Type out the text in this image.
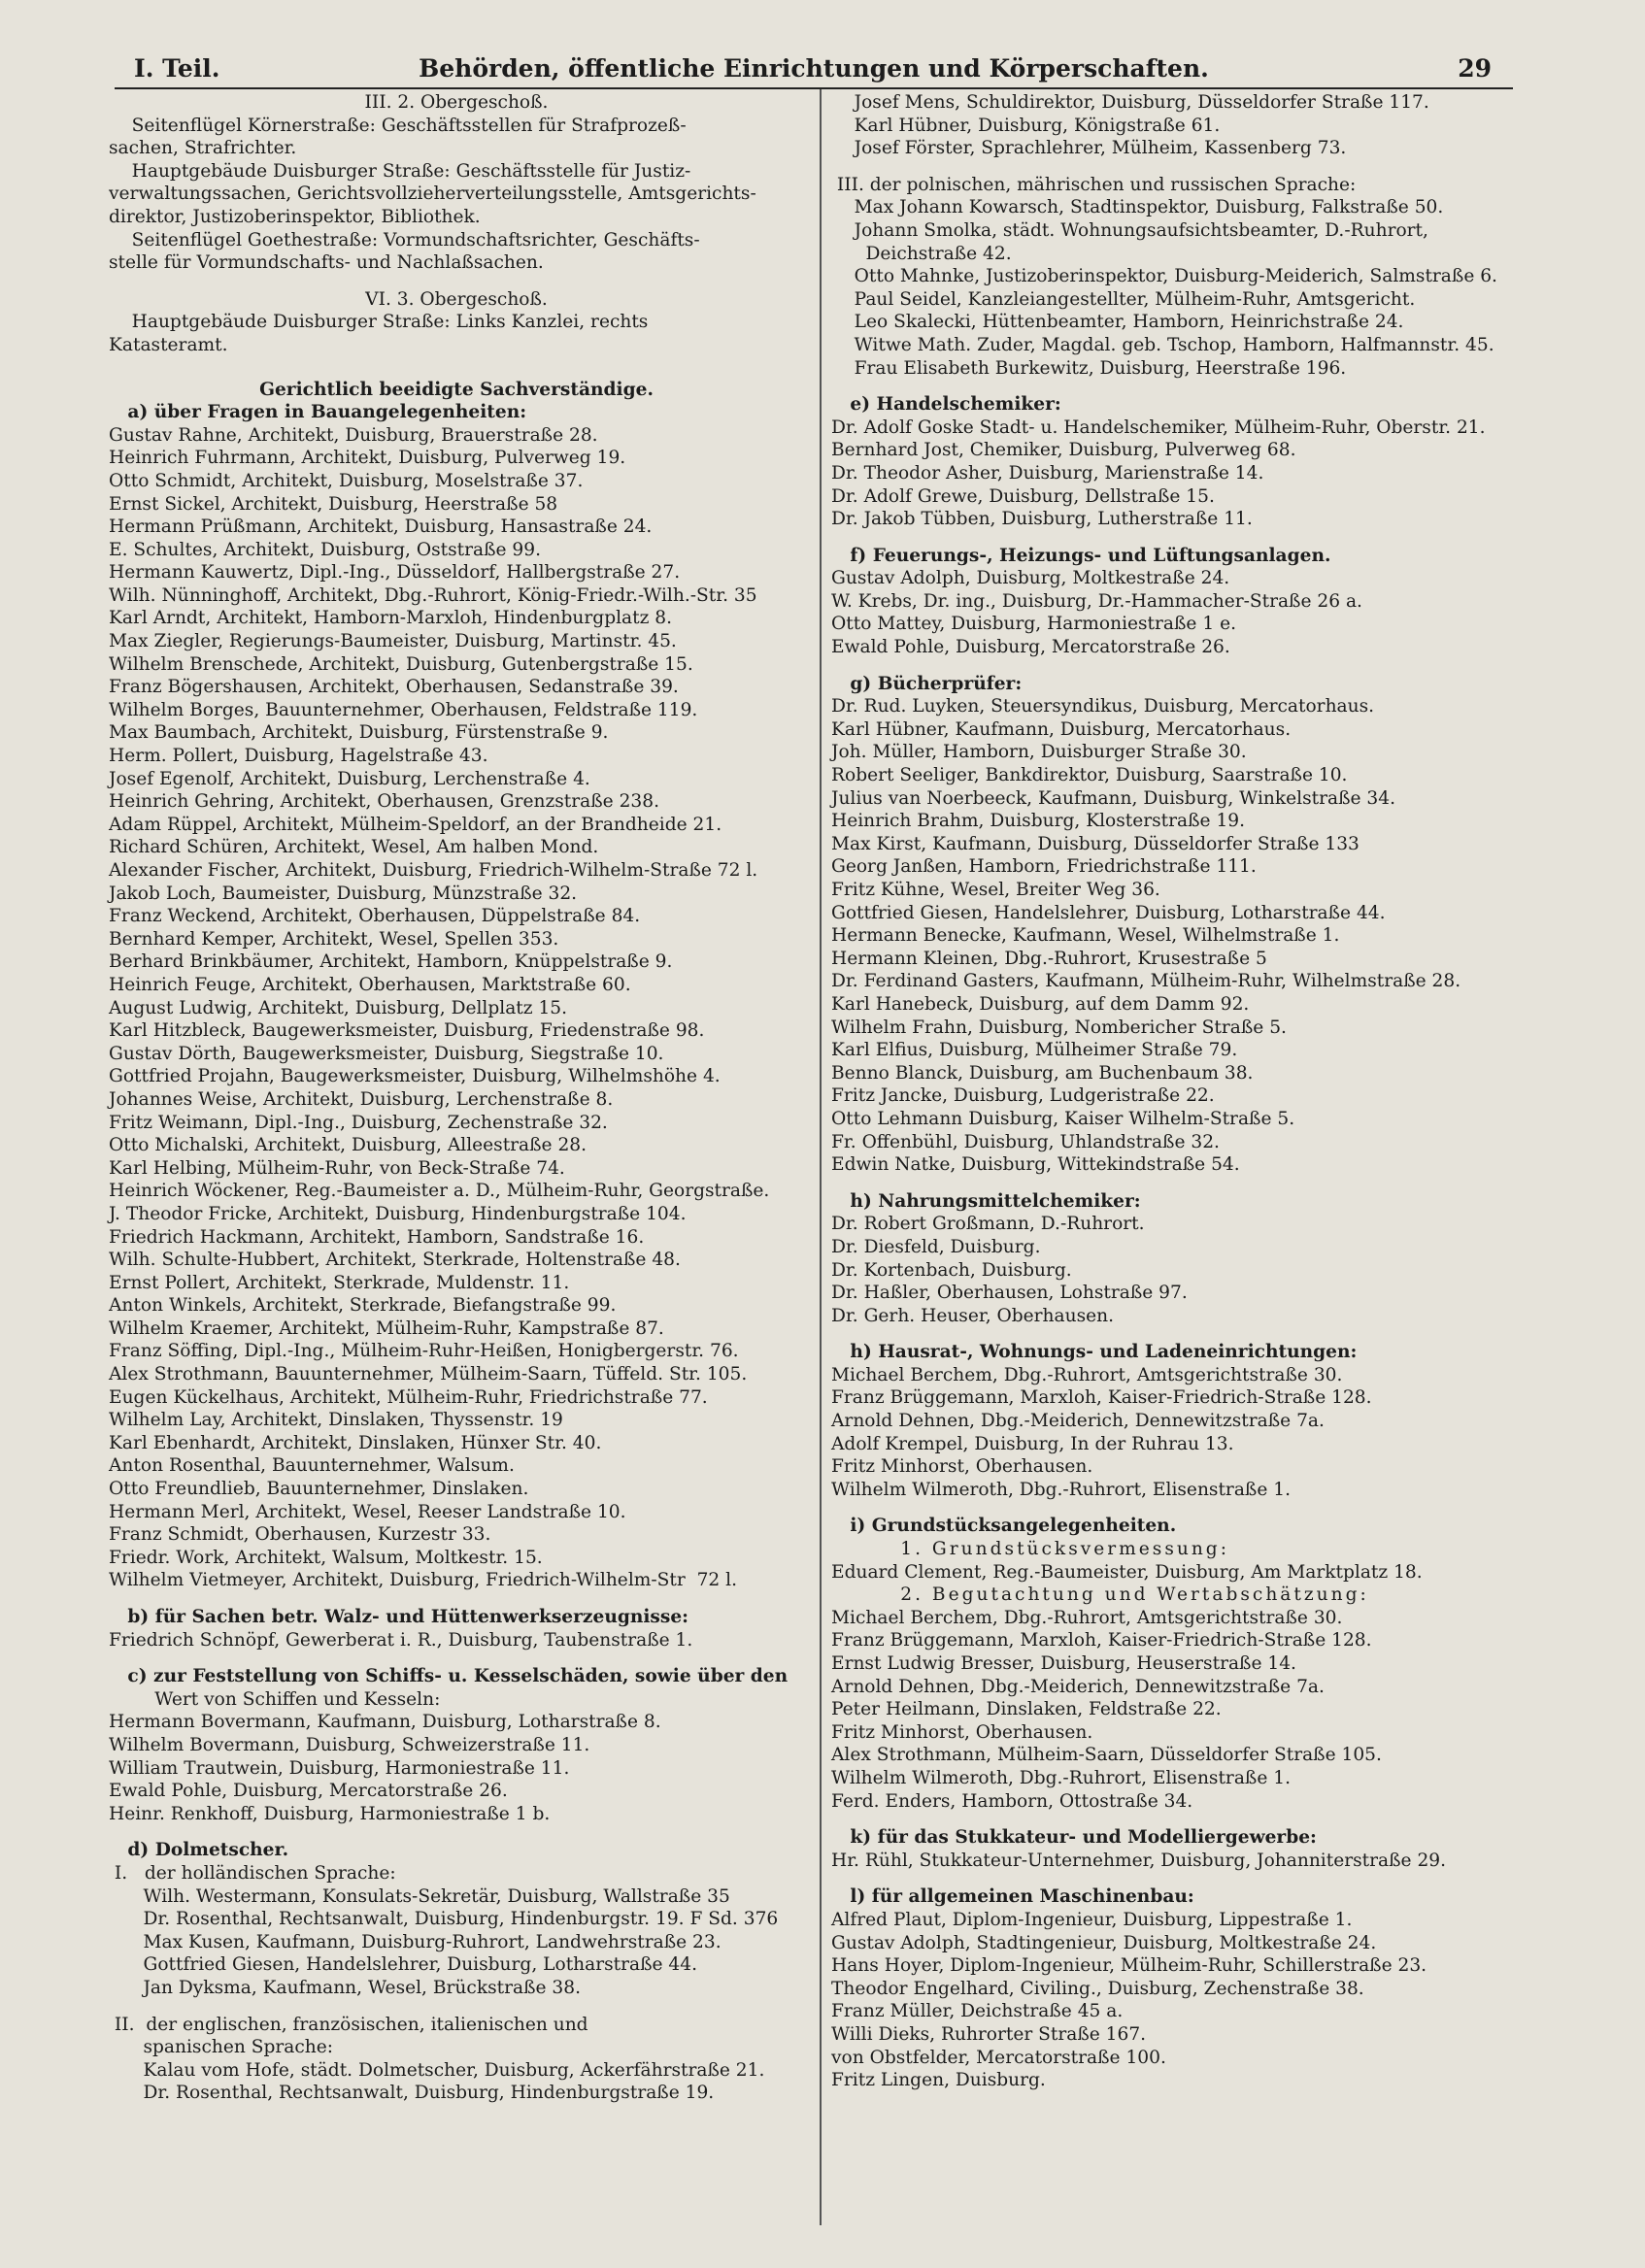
I. Teil.	Behörden, öffentliche Einrichtungen und Körperschaften.	29
III. 2. Obergeschoß.
Seitenflügel Körnerstraße: Geschäftsstellen für Strafprozeß-
sachen, Strafrichter.
Hauptgebäude Duisburger Straße: Geschäftsstelle für Justiz-
verwaltungssachen, Gerichtsvollzieherverteilungsstelle, Amtsgerichts-
direktor, Justizoberinspektor, Bibliothek.
Seitenflügel Goethestraße: Vormundschaftsrichter, Geschäfts-
stelle für Vormundschafts- und Nachlaßsachen.
VI. 3. Obergeschoß.
Hauptgebäude Duisburger Straße: Links Kanzlei, rechts
Katasteramt.
Gerichtlich beeidigte Sachverständige.
a) über Fragen in Bauangelegenheiten:
Gustav Rahne, Architekt, Duisburg, Brauerstraße 28.
Heinrich Fuhrmann, Architekt, Duisburg, Pulverweg 19.
Otto Schmidt, Architekt, Duisburg, Moselstraße 37.
Ernst Sickel, Architekt, Duisburg, Heerstraße 58
Hermann Prüßmann, Architekt, Duisburg, Hansastraße 24.
E. Schultes, Architekt, Duisburg, Oststraße 99.
Hermann Kauwertz, Dipl.-Ing., Düsseldorf, Hallbergstraße 27.
Wilh. Nünninghoff, Architekt, Dbg.-Ruhrort, König-Friedr.-Wilh.-Str. 35
Karl Arndt, Architekt, Hamborn-Marxloh, Hindenburgplatz 8.
Max Ziegler, Regierungs-Baumeister, Duisburg, Martinstr. 45.
Wilhelm Brenschede, Architekt, Duisburg, Gutenbergstraße 15.
Franz Bögershausen, Architekt, Oberhausen, Sedanstraße 39.
Wilhelm Borges, Bauunternehmer, Oberhausen, Feldstraße 119.
Max Baumbach, Architekt, Duisburg, Fürstenstraße 9.
Herm. Pollert, Duisburg, Hagelstraße 43.
Josef Egenolf, Architekt, Duisburg, Lerchenstraße 4.
Heinrich Gehring, Architekt, Oberhausen, Grenzstraße 238.
Adam Rüppel, Architekt, Mülheim-Speldorf, an der Brandheide 21.
Richard Schüren, Architekt, Wesel, Am halben Mond.
Alexander Fischer, Architekt, Duisburg, Friedrich-Wilhelm-Straße 72 l.
Jakob Loch, Baumeister, Duisburg, Münzstraße 32.
Franz Weckend, Architekt, Oberhausen, Düppelstraße 84.
Bernhard Kemper, Architekt, Wesel, Spellen 353.
Berhard Brinkbäumer, Architekt, Hamborn, Knüppelstraße 9.
Heinrich Feuge, Architekt, Oberhausen, Marktstraße 60.
August Ludwig, Architekt, Duisburg, Dellplatz 15.
Karl Hitzbleck, Baugewerksmeister, Duisburg, Friedenstraße 98.
Gustav Dörth, Baugewerksmeister, Duisburg, Siegstraße 10.
Gottfried Projahn, Baugewerksmeister, Duisburg, Wilhelmshöhe 4.
Johannes Weise, Architekt, Duisburg, Lerchenstraße 8.
Fritz Weimann, Dipl.-Ing., Duisburg, Zechenstraße 32.
Otto Michalski, Architekt, Duisburg, Alleestraße 28.
Karl Helbing, Mülheim-Ruhr, von Beck-Straße 74.
Heinrich Wöckener, Reg.-Baumeister a. D., Mülheim-Ruhr, Georgstraße.
J. Theodor Fricke, Architekt, Duisburg, Hindenburgstraße 104.
Friedrich Hackmann, Architekt, Hamborn, Sandstraße 16.
Wilh. Schulte-Hubbert, Architekt, Sterkrade, Holtenstraße 48.
Ernst Pollert, Architekt, Sterkrade, Muldenstr. 11.
Anton Winkels, Architekt, Sterkrade, Biefangstraße 99.
Wilhelm Kraemer, Architekt, Mülheim-Ruhr, Kampstraße 87.
Franz Söffing, Dipl.-Ing., Mülheim-Ruhr-Heißen, Honigbergerstr. 76.
Alex Strothmann, Bauunternehmer, Mülheim-Saarn, Tüffeld. Str. 105.
Eugen Kückelhaus, Architekt, Mülheim-Ruhr, Friedrichstraße 77.
Wilhelm Lay, Architekt, Dinslaken, Thyssenstr. 19
Karl Ebenhardt, Architekt, Dinslaken, Hünxer Str. 40.
Anton Rosenthal, Bauunternehmer, Walsum.
Otto Freundlieb, Bauunternehmer, Dinslaken.
Hermann Merl, Architekt, Wesel, Reeser Landstraße 10.
Franz Schmidt, Oberhausen, Kurzestr 33.
Friedr. Work, Architekt, Walsum, Moltkestr. 15.
Wilhelm Vietmeyer, Architekt, Duisburg, Friedrich-Wilhelm-Str  72 l.
b) für Sachen betr. Walz- und Hüttenwerkserzeugnisse:
Friedrich Schnöpf, Gewerberat i. R., Duisburg, Taubenstraße 1.
c) zur Feststellung von Schiffs- u. Kesselschäden, sowie über den
Wert von Schiffen und Kesseln:
Hermann Bovermann, Kaufmann, Duisburg, Lotharstraße 8.
Wilhelm Bovermann, Duisburg, Schweizerstraße 11.
William Trautwein, Duisburg, Harmoniestraße 11.
Ewald Pohle, Duisburg, Mercatorstraße 26.
Heinr. Renkhoff, Duisburg, Harmoniestraße 1 b.
d) Dolmetscher.
I.   der holländischen Sprache:
Wilh. Westermann, Konsulats-Sekretär, Duisburg, Wallstraße 35
Dr. Rosenthal, Rechtsanwalt, Duisburg, Hindenburgstr. 19. F Sd. 376
Max Kusen, Kaufmann, Duisburg-Ruhrort, Landwehrstraße 23.
Gottfried Giesen, Handelslehrer, Duisburg, Lotharstraße 44.
Jan Dyksma, Kaufmann, Wesel, Brückstraße 38.
II.  der englischen, französischen, italienischen und
spanischen Sprache:
Kalau vom Hofe, städt. Dolmetscher, Duisburg, Ackerfährstraße 21.
Dr. Rosenthal, Rechtsanwalt, Duisburg, Hindenburgstraße 19.
Josef Mens, Schuldirektor, Duisburg, Düsseldorfer Straße 117.
Karl Hübner, Duisburg, Königstraße 61.
Josef Förster, Sprachlehrer, Mülheim, Kassenberg 73.
III. der polnischen, mährischen und russischen Sprache:
Max Johann Kowarsch, Stadtinspektor, Duisburg, Falkstraße 50.
Johann Smolka, städt. Wohnungsaufsichtsbeamter, D.-Ruhrort,
Deichstraße 42.
Otto Mahnke, Justizoberinspektor, Duisburg-Meiderich, Salmstraße 6.
Paul Seidel, Kanzleiangestellter, Mülheim-Ruhr, Amtsgericht.
Leo Skalecki, Hüttenbeamter, Hamborn, Heinrichstraße 24.
Witwe Math. Zuder, Magdal. geb. Tschop, Hamborn, Halfmannstr. 45.
Frau Elisabeth Burkewitz, Duisburg, Heerstraße 196.
e) Handelschemiker:
Dr. Adolf Goske Stadt- u. Handelschemiker, Mülheim-Ruhr, Oberstr. 21.
Bernhard Jost, Chemiker, Duisburg, Pulverweg 68.
Dr. Theodor Asher, Duisburg, Marienstraße 14.
Dr. Adolf Grewe, Duisburg, Dellstraße 15.
Dr. Jakob Tübben, Duisburg, Lutherstraße 11.
f) Feuerungs-, Heizungs- und Lüftungsanlagen.
Gustav Adolph, Duisburg, Moltkestraße 24.
W. Krebs, Dr. ing., Duisburg, Dr.-Hammacher-Straße 26 a.
Otto Mattey, Duisburg, Harmoniestraße 1 e.
Ewald Pohle, Duisburg, Mercatorstraße 26.
g) Bücherprüfer:
Dr. Rud. Luyken, Steuersyndikus, Duisburg, Mercatorhaus.
Karl Hübner, Kaufmann, Duisburg, Mercatorhaus.
Joh. Müller, Hamborn, Duisburger Straße 30.
Robert Seeliger, Bankdirektor, Duisburg, Saarstraße 10.
Julius van Noerbeeck, Kaufmann, Duisburg, Winkelstraße 34.
Heinrich Brahm, Duisburg, Klosterstraße 19.
Max Kirst, Kaufmann, Duisburg, Düsseldorfer Straße 133
Georg Janßen, Hamborn, Friedrichstraße 111.
Fritz Kühne, Wesel, Breiter Weg 36.
Gottfried Giesen, Handelslehrer, Duisburg, Lotharstraße 44.
Hermann Benecke, Kaufmann, Wesel, Wilhelmstraße 1.
Hermann Kleinen, Dbg.-Ruhrort, Krusestraße 5
Dr. Ferdinand Gasters, Kaufmann, Mülheim-Ruhr, Wilhelmstraße 28.
Karl Hanebeck, Duisburg, auf dem Damm 92.
Wilhelm Frahn, Duisburg, Nombericher Straße 5.
Karl Elfius, Duisburg, Mülheimer Straße 79.
Benno Blanck, Duisburg, am Buchenbaum 38.
Fritz Jancke, Duisburg, Ludgeristraße 22.
Otto Lehmann Duisburg, Kaiser Wilhelm-Straße 5.
Fr. Offenbühl, Duisburg, Uhlandstraße 32.
Edwin Natke, Duisburg, Wittekindstraße 54.
h) Nahrungsmittelchemiker:
Dr. Robert Großmann, D.-Ruhrort.
Dr. Diesfeld, Duisburg.
Dr. Kortenbach, Duisburg.
Dr. Haßler, Oberhausen, Lohstraße 97.
Dr. Gerh. Heuser, Oberhausen.
h) Hausrat-, Wohnungs- und Ladeneinrichtungen:
Michael Berchem, Dbg.-Ruhrort, Amtsgerichtstraße 30.
Franz Brüggemann, Marxloh, Kaiser-Friedrich-Straße 128.
Arnold Dehnen, Dbg.-Meiderich, Dennewitzstraße 7a.
Adolf Krempel, Duisburg, In der Ruhrau 13.
Fritz Minhorst, Oberhausen.
Wilhelm Wilmeroth, Dbg.-Ruhrort, Elisenstraße 1.
i) Grundstücksangelegenheiten.
1. Grundstücksvermessung:
Eduard Clement, Reg.-Baumeister, Duisburg, Am Marktplatz 18.
2. Begutachtung und Wertabschätzung:
Michael Berchem, Dbg.-Ruhrort, Amtsgerichtstraße 30.
Franz Brüggemann, Marxloh, Kaiser-Friedrich-Straße 128.
Ernst Ludwig Bresser, Duisburg, Heuserstraße 14.
Arnold Dehnen, Dbg.-Meiderich, Dennewitzstraße 7a.
Peter Heilmann, Dinslaken, Feldstraße 22.
Fritz Minhorst, Oberhausen.
Alex Strothmann, Mülheim-Saarn, Düsseldorfer Straße 105.
Wilhelm Wilmeroth, Dbg.-Ruhrort, Elisenstraße 1.
Ferd. Enders, Hamborn, Ottostraße 34.
k) für das Stukkateur- und Modelliergewerbe:
Hr. Rühl, Stukkateur-Unternehmer, Duisburg, Johanniterstraße 29.
l) für allgemeinen Maschinenbau:
Alfred Plaut, Diplom-Ingenieur, Duisburg, Lippestraße 1.
Gustav Adolph, Stadtingenieur, Duisburg, Moltkestraße 24.
Hans Hoyer, Diplom-Ingenieur, Mülheim-Ruhr, Schillerstraße 23.
Theodor Engelhard, Civiling., Duisburg, Zechenstraße 38.
Franz Müller, Deichstraße 45 a.
Willi Dieks, Ruhrorter Straße 167.
von Obstfelder, Mercatorstraße 100.
Fritz Lingen, Duisburg.
